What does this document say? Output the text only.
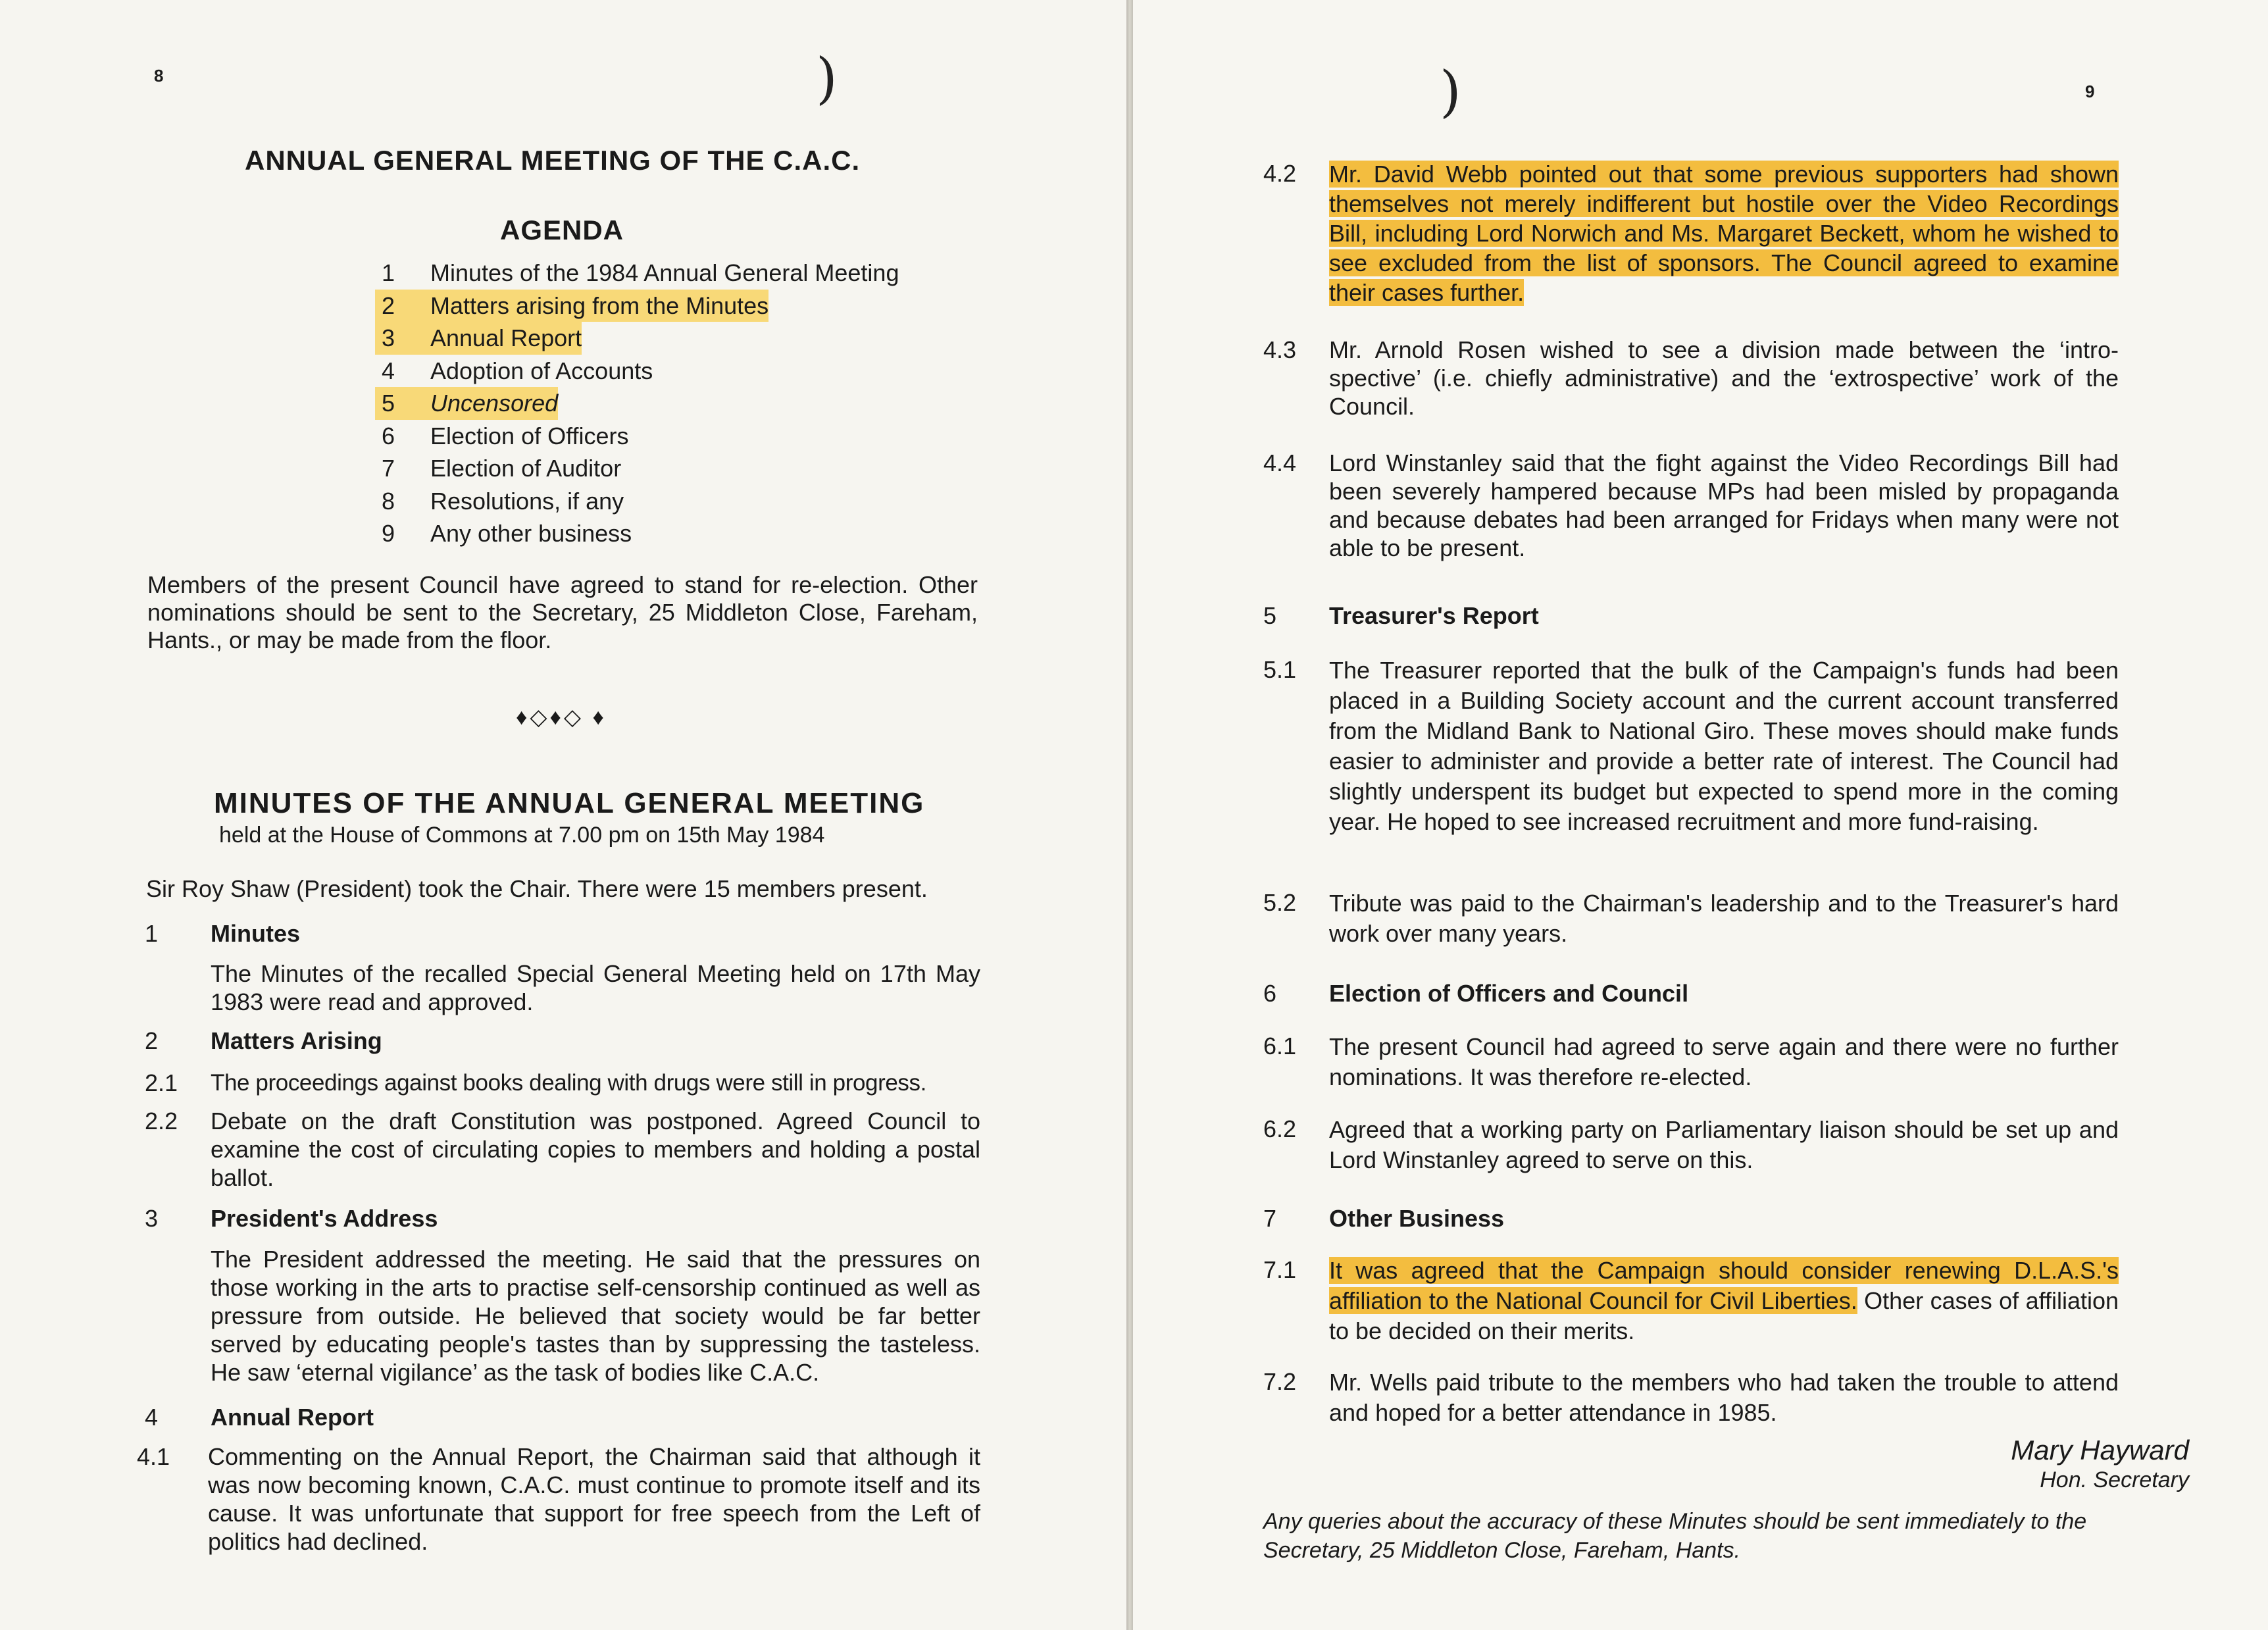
8	)
ANNUAL GENERAL MEETING OF THE C.A.C.
AGENDA
1	Minutes of the 1984 Annual General Meeting
2	Matters arising from the Minutes
3	Annual Report
4	Adoption of Accounts
5	Uncensored
6	Election of Officers
7	Election of Auditor
8	Resolutions, if any
9	Any other business
Members of the present Council have agreed to stand for re-election. Other nominations should be sent to the Secretary, 25 Middleton Close, Fareham, Hants., or may be made from the floor.
♦◇♦◇ ♦
MINUTES OF THE ANNUAL GENERAL MEETING
held at the House of Commons at 7.00 pm on 15th May 1984
Sir Roy Shaw (President) took the Chair. There were 15 members present.
1 Minutes
The Minutes of the recalled Special General Meeting held on 17th May 1983 were read and approved.
2 Matters Arising
2.1 The proceedings against books dealing with drugs were still in progress.
2.2 Debate on the draft Constitution was postponed. Agreed Council to examine the cost of circulating copies to members and holding a postal ballot.
3 President's Address
The President addressed the meeting. He said that the pressures on those working in the arts to practise self-censorship continued as well as pressure from outside. He believed that society would be far better served by educating people's tastes than by suppressing the tasteless. He saw ‘eternal vigilance’ as the task of bodies like C.A.C.
4 Annual Report
4.1 Commenting on the Annual Report, the Chairman said that although it was now becoming known, C.A.C. must continue to promote itself and its cause. It was unfortunate that support for free speech from the Left of politics had declined.
9
)
4.2 Mr. David Webb pointed out that some previous supporters had shown themselves not merely indifferent but hostile over the Video Recordings Bill, including Lord Norwich and Ms. Margaret Beckett, whom he wished to see excluded from the list of sponsors. The Council agreed to examine their cases further.
4.3 Mr. Arnold Rosen wished to see a division made between the ‘intro-spective’ (i.e. chiefly administrative) and the ‘extrospective’ work of the Council.
4.4 Lord Winstanley said that the fight against the Video Recordings Bill had been severely hampered because MPs had been misled by propaganda and because debates had been arranged for Fridays when many were not able to be present.
5 Treasurer's Report
5.1 The Treasurer reported that the bulk of the Campaign's funds had been placed in a Building Society account and the current account transferred from the Midland Bank to National Giro. These moves should make funds easier to administer and provide a better rate of interest. The Council had slightly underspent its budget but expected to spend more in the coming year. He hoped to see increased recruitment and more fund-raising.
5.2 Tribute was paid to the Chairman's leadership and to the Treasurer's hard work over many years.
6 Election of Officers and Council
6.1 The present Council had agreed to serve again and there were no further nominations. It was therefore re-elected.
6.2 Agreed that a working party on Parliamentary liaison should be set up and Lord Winstanley agreed to serve on this.
7 Other Business
7.1 It was agreed that the Campaign should consider renewing D.L.A.S.'s affiliation to the National Council for Civil Liberties. Other cases of affiliation to be decided on their merits.
7.2 Mr. Wells paid tribute to the members who had taken the trouble to attend and hoped for a better attendance in 1985.
Mary Hayward
Hon. Secretary
Any queries about the accuracy of these Minutes should be sent immediately to the Secretary, 25 Middleton Close, Fareham, Hants.
